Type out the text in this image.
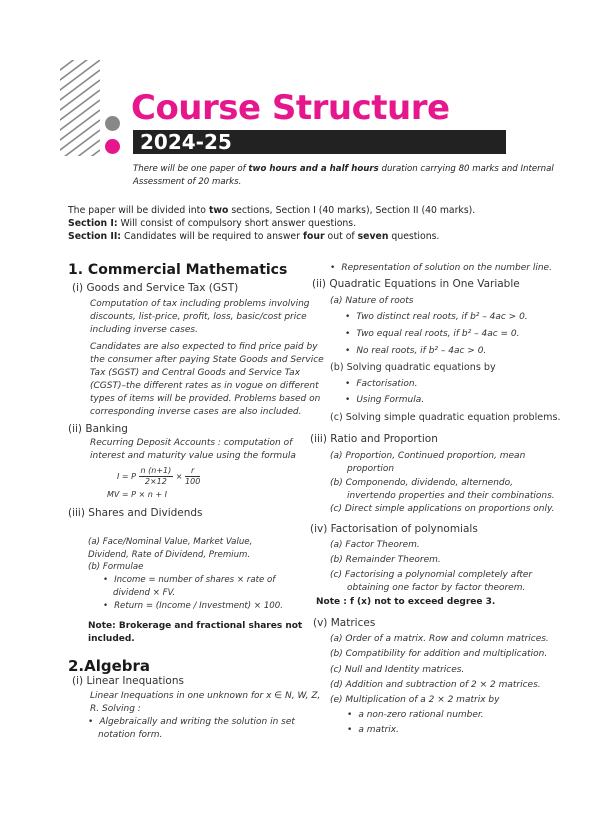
Course Structure
2024-25
There will be one paper of two hours and a half hours duration carrying 80 marks and Internal
Assessment of 20 marks.
The paper will be divided into two sections, Section I (40 marks), Section II (40 marks).
Section I: Will consist of compulsory short answer questions.
Section II: Candidates will be required to answer four out of seven questions.
1. Commercial Mathematics
(i) Goods and Service Tax (GST)
Computation of tax including problems involving
discounts, list-price, profit, loss, basic/cost price
including inverse cases.
Candidates are also expected to find price paid by
the consumer after paying State Goods and Service
Tax (SGST) and Central Goods and Service Tax
(CGST)–the different rates as in vogue on different
types of items will be provided. Problems based on
corresponding inverse cases are also included.
(ii) Banking
Recurring Deposit Accounts : computation of
interest and maturity value using the formula
I = P $\frac{n (n+1)}{2\times 12} \times \frac{r}{100}$
MV = P × n + I
(iii) Shares and Dividends
(a) Face/Nominal Value, Market Value,
Dividend, Rate of Dividend, Premium.
(b) Formulae
• Income = number of shares × rate of
dividend × FV.
• Return = (Income / Investment) × 100.
Note: Brokerage and fractional shares not
included.
2.Algebra
(i) Linear Inequations
Linear Inequations in one unknown for x ∈ N, W, Z,
R. Solving :
• Algebraically and writing the solution in set
notation form.
• Representation of solution on the number line.
(ii) Quadratic Equations in One Variable
(a) Nature of roots
• Two distinct real roots, if b² – 4ac > 0.
• Two equal real roots, if b² – 4ac = 0.
• No real roots, if b² – 4ac > 0.
(b) Solving quadratic equations by
• Factorisation.
• Using Formula.
(c) Solving simple quadratic equation problems.
(iii) Ratio and Proportion
(a) Proportion, Continued proportion, mean
proportion
(b) Componendo, dividendo, alternendo,
invertendo properties and their combinations.
(c) Direct simple applications on proportions only.
(iv) Factorisation of polynomials
(a) Factor Theorem.
(b) Remainder Theorem.
(c) Factorising a polynomial completely after
obtaining one factor by factor theorem.
Note : f (x) not to exceed degree 3.
(v) Matrices
(a) Order of a matrix. Row and column matrices.
(b) Compatibility for addition and multiplication.
(c) Null and Identity matrices.
(d) Addition and subtraction of 2 × 2 matrices.
(e) Multiplication of a 2 × 2 matrix by
• a non-zero rational number.
• a matrix.
